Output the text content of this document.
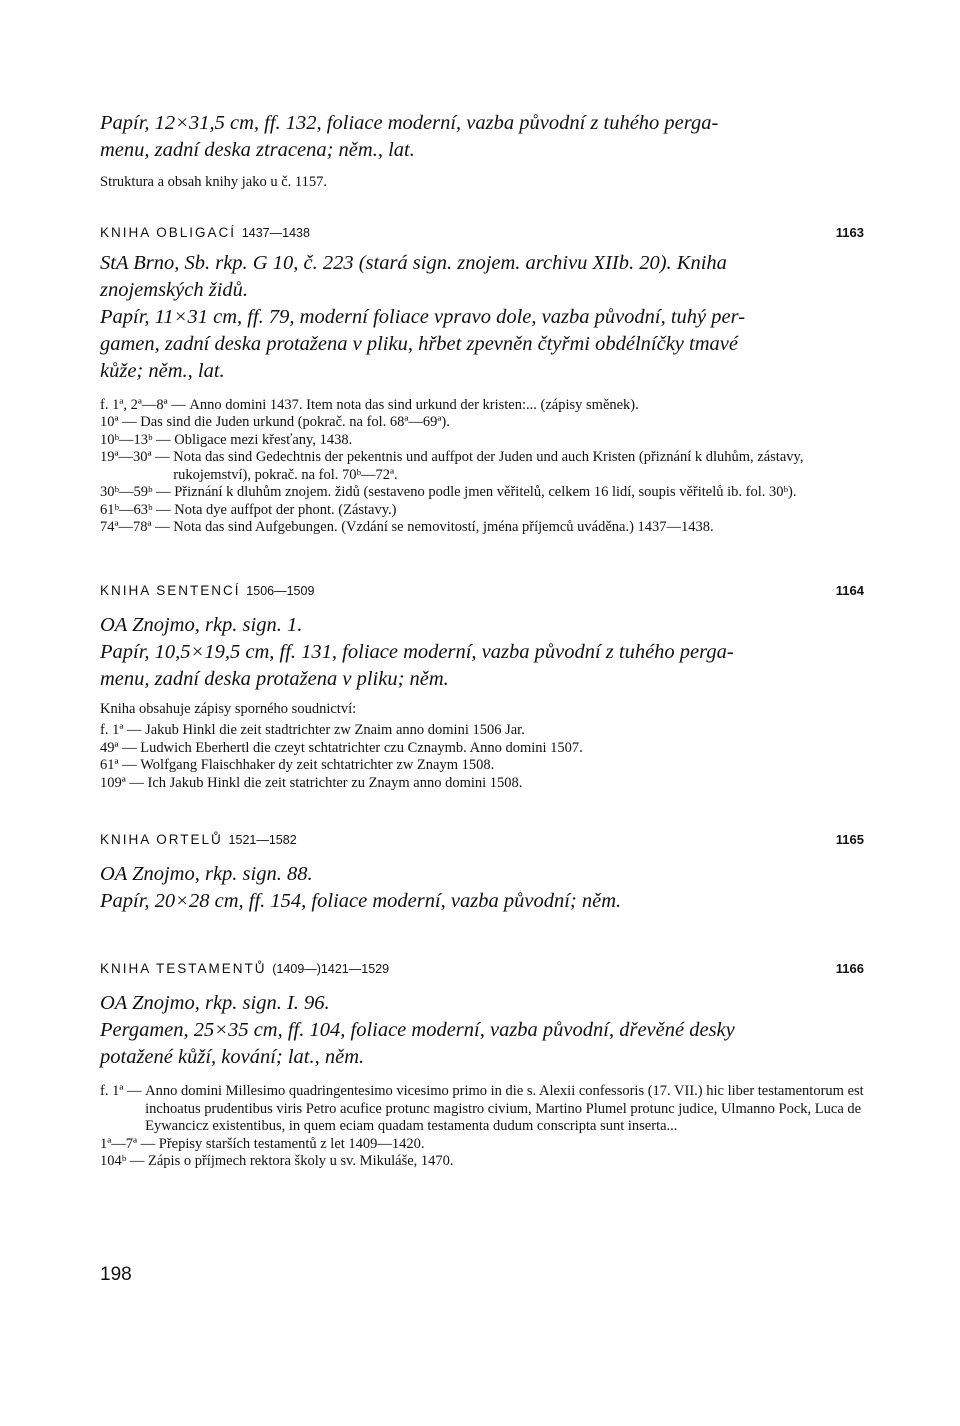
Papír, 12×31,5 cm, ff. 132, foliace moderní, vazba původní z tuhého perga-

menu, zadní deska ztracena; něm., lat.

Struktura a obsah knihy jako u č. 1157.

KNIHA OBLIGACÍ 1437—1438	1163

StA Brno, Sb. rkp. G 10, č. 223 (stará sign. znojem. archivu XIIb. 20). Kniha

znojemských židů.

Papír, 11×31 cm, ff. 79, moderní foliace vpravo dole, vazba původní, tuhý per-

gamen, zadní deska protažena v pliku, hřbet zpevněn čtyřmi obdélníčky tmavé

kůže; něm., lat.

f. 1ª, 2ª—8ª — Anno domini 1437. Item nota das sind urkund der kristen:... (zápisy směnek).
10ª — Das sind die Juden urkund (pokrač. na fol. 68ª—69ª).
10ᵇ—13ᵇ — Obligace mezi křesťany, 1438.
19ª—30ª — Nota das sind Gedechtnis der pekentnis und auffpot der Juden und auch Kristen (přiznání k dluhům, zástavy, rukojemství), pokrač. na fol. 70ᵇ—72ª.
30ᵇ—59ᵇ — Přiznání k dluhům znojem. židů (sestaveno podle jmen věřitelů, celkem 16 lidí, soupis věřitelů ib. fol. 30ᵇ).
61ᵇ—63ᵇ — Nota dye auffpot der phont. (Zástavy.)
74ª—78ª — Nota das sind Aufgebungen. (Vzdání se nemovitostí, jména příjemců uváděna.) 1437—1438.
KNIHA SENTENCÍ 1506—1509	1164

OA Znojmo, rkp. sign. 1.

Papír, 10,5×19,5 cm, ff. 131, foliace moderní, vazba původní z tuhého perga-

menu, zadní deska protažena v pliku; něm.

Kniha obsahuje zápisy sporného soudnictví:

f. 1ª — Jakub Hinkl die zeit stadtrichter zw Znaim anno domini 1506 Jar.
49ª — Ludwich Eberhertl die czeyt schtatrichter czu Cznaymb. Anno domini 1507.
61ª — Wolfgang Flaischhaker dy zeit schtatrichter zw Znaym 1508.
109ª — Ich Jakub Hinkl die zeit statrichter zu Znaym anno domini 1508.
KNIHA ORTELŮ 1521—1582	1165

OA Znojmo, rkp. sign. 88.

Papír, 20×28 cm, ff. 154, foliace moderní, vazba původní; něm.

KNIHA TESTAMENTŮ (1409—)1421—1529	1166

OA Znojmo, rkp. sign. I. 96.

Pergamen, 25×35 cm, ff. 104, foliace moderní, vazba původní, dřevěné desky

potažené kůží, kování; lat., něm.

f. 1ª — Anno domini Millesimo quadringentesimo vicesimo primo in die s. Alexii confessoris (17. VII.) hic liber testamentorum est inchoatus prudentibus viris Petro acufice protunc magistro civium, Martino Plumel protunc judice, Ulmanno Pock, Luca de Eywancicz existentibus, in quem eciam quadam testamenta dudum conscripta sunt inserta...
1ª—7ª — Přepisy starších testamentů z let 1409—1420.
104ᵇ — Zápis o příjmech rektora školy u sv. Mikuláše, 1470.
198
